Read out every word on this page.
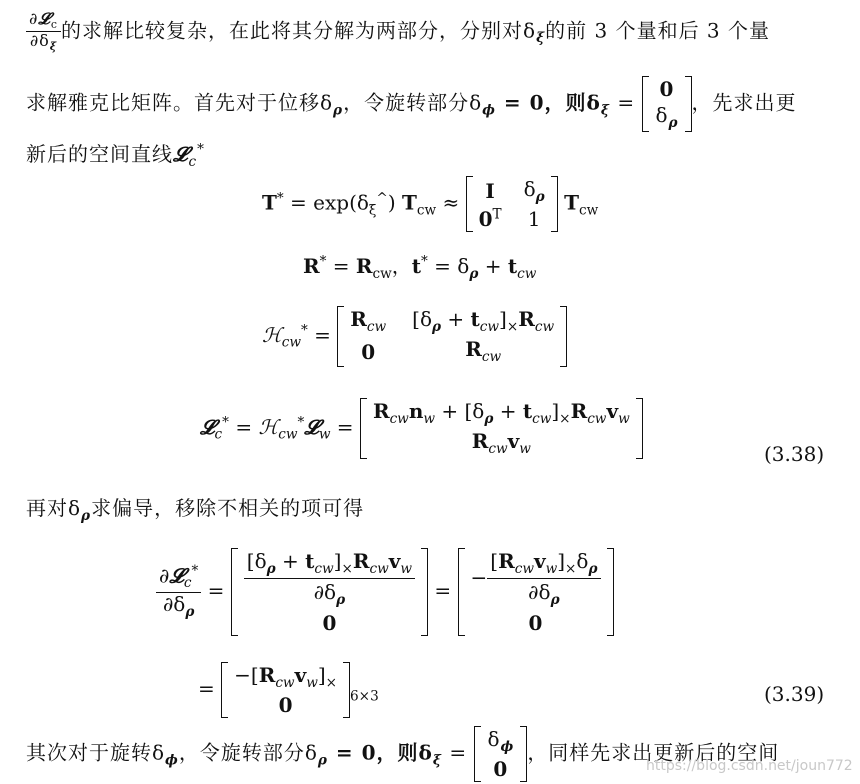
$\frac{\partial 𝓛_c}{\partial\delta_\xi}$ 的求解比较复杂，在此将其分解为两部分，分别对$\delta_\xi$的前 3 个量和后 3 个量
求解雅克比矩阵。首先对于位移$\delta_\rho$，令旋转部分$\delta_\phi = 0$，则$\delta_\xi$ =
0
$\delta_\rho$
，先求出更
新后的空间直线𝓛$_c$*
$T^* = \exp(\delta_\xi^{\^{}}) T_{cw} \approx I$	$\delta_\rho$
$0^T$ 1
$T_{cw}$
$R^* = R_{cw}$，$t^* = \delta_\rho + t_{cw}$
ℋ$_{cw}$* =
$R_{cw}$ $[\delta_\rho + t_{cw}]_\times R_{cw}$
0	$R_{cw}$
𝓛$_c$* = ℋ$_{cw}$*𝓛$_w$ =
$R_{cw}n_w + [\delta_\rho + t_{cw}]_\times R_{cw}v_w$
$R_{cw}v_w$	(3.38)
再对$\delta_\rho$求偏导，移除不相关的项可得
$\frac{\partial 𝓛_c^*}{\partial\delta_\rho} = \frac{[\delta_\rho + t_{cw}]_\times R_{cw}v_w}{\partial\delta_\rho}$
0
=
− $\frac{[R_{cw}v_w]_\times\delta_\rho}{\partial\delta_\rho}$
0
=
$-[R_{cw}v_w]_\times$
0	$_{6\times 3}$	(3.39)
其次对于旋转$\delta_\phi$，令旋转部分$\delta_\rho = 0$，则$\delta_\xi$ =
$\delta_\phi$
0
，同样先求出更新后的空间
https://blog.csdn.net/joun772
